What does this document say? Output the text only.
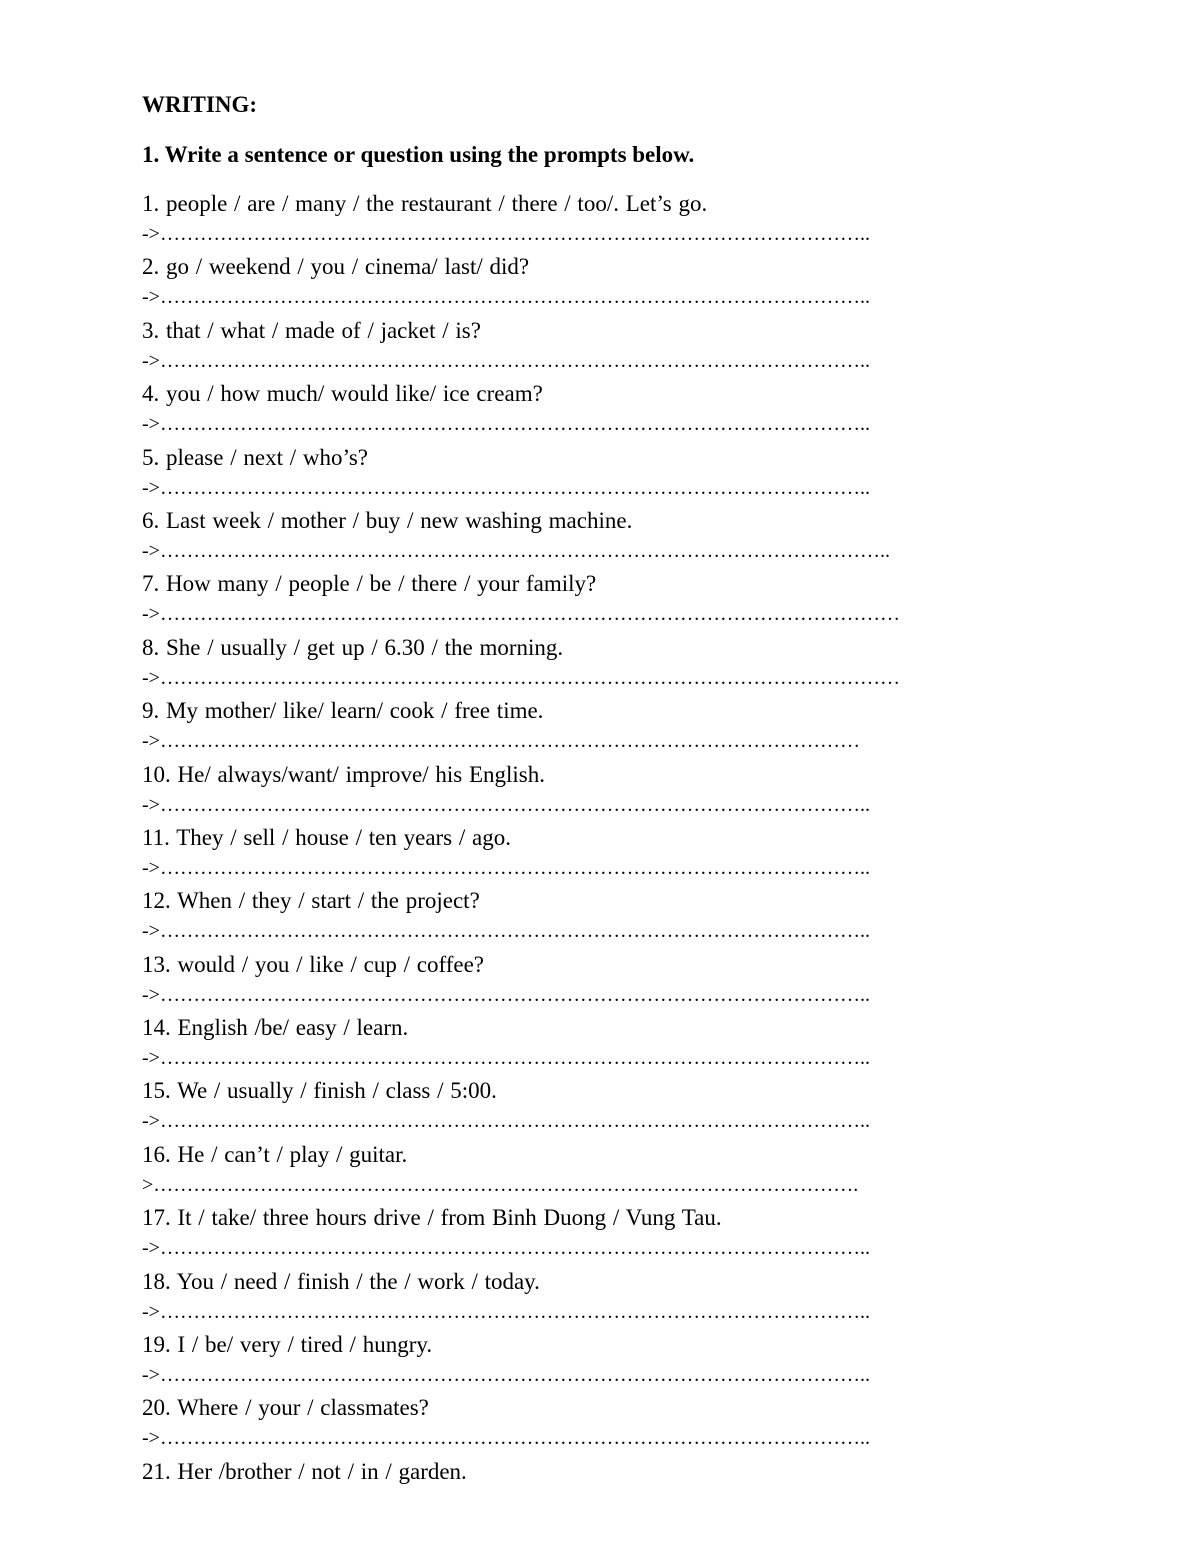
WRITING:
1. Write a sentence or question using the prompts below.
1. people / are / many / the restaurant / there / too/. Let’s go.
->……………………………………………………………………………………………..
2. go / weekend / you / cinema/ last/ did?
->……………………………………………………………………………………………..
3. that / what / made of / jacket / is?
->……………………………………………………………………………………………..
4. you / how much/ would like/ ice cream?
->……………………………………………………………………………………………..
5. please / next / who’s?
->……………………………………………………………………………………………..
6. Last week / mother / buy / new washing machine.
->………………………………………………………………………………………………..
7. How many / people / be / there / your family?
->…………………………………………………………………………………………………
8. She / usually / get up / 6.30 / the morning.
->…………………………………………………………………………………………………
9. My mother/ like/ learn/ cook / free time.
->……………………………………………………………………………………………
10. He/ always/want/ improve/ his English.
->……………………………………………………………………………………………..
11. They / sell / house / ten years / ago.
->……………………………………………………………………………………………..
12. When / they / start / the project?
->……………………………………………………………………………………………..
13. would / you / like / cup / coffee?
->……………………………………………………………………………………………..
14. English /be/ easy / learn.
->……………………………………………………………………………………………..
15. We / usually / finish / class / 5:00.
->……………………………………………………………………………………………..
16. He / can’t / play / guitar.
>…………………………………………………………………………………………….
17. It / take/ three hours drive / from Binh Duong / Vung Tau.
->……………………………………………………………………………………………..
18. You / need / finish / the / work / today.
->……………………………………………………………………………………………..
19. I / be/ very / tired / hungry.
->……………………………………………………………………………………………..
20. Where / your / classmates?
->……………………………………………………………………………………………..
21. Her /brother / not / in / garden.
